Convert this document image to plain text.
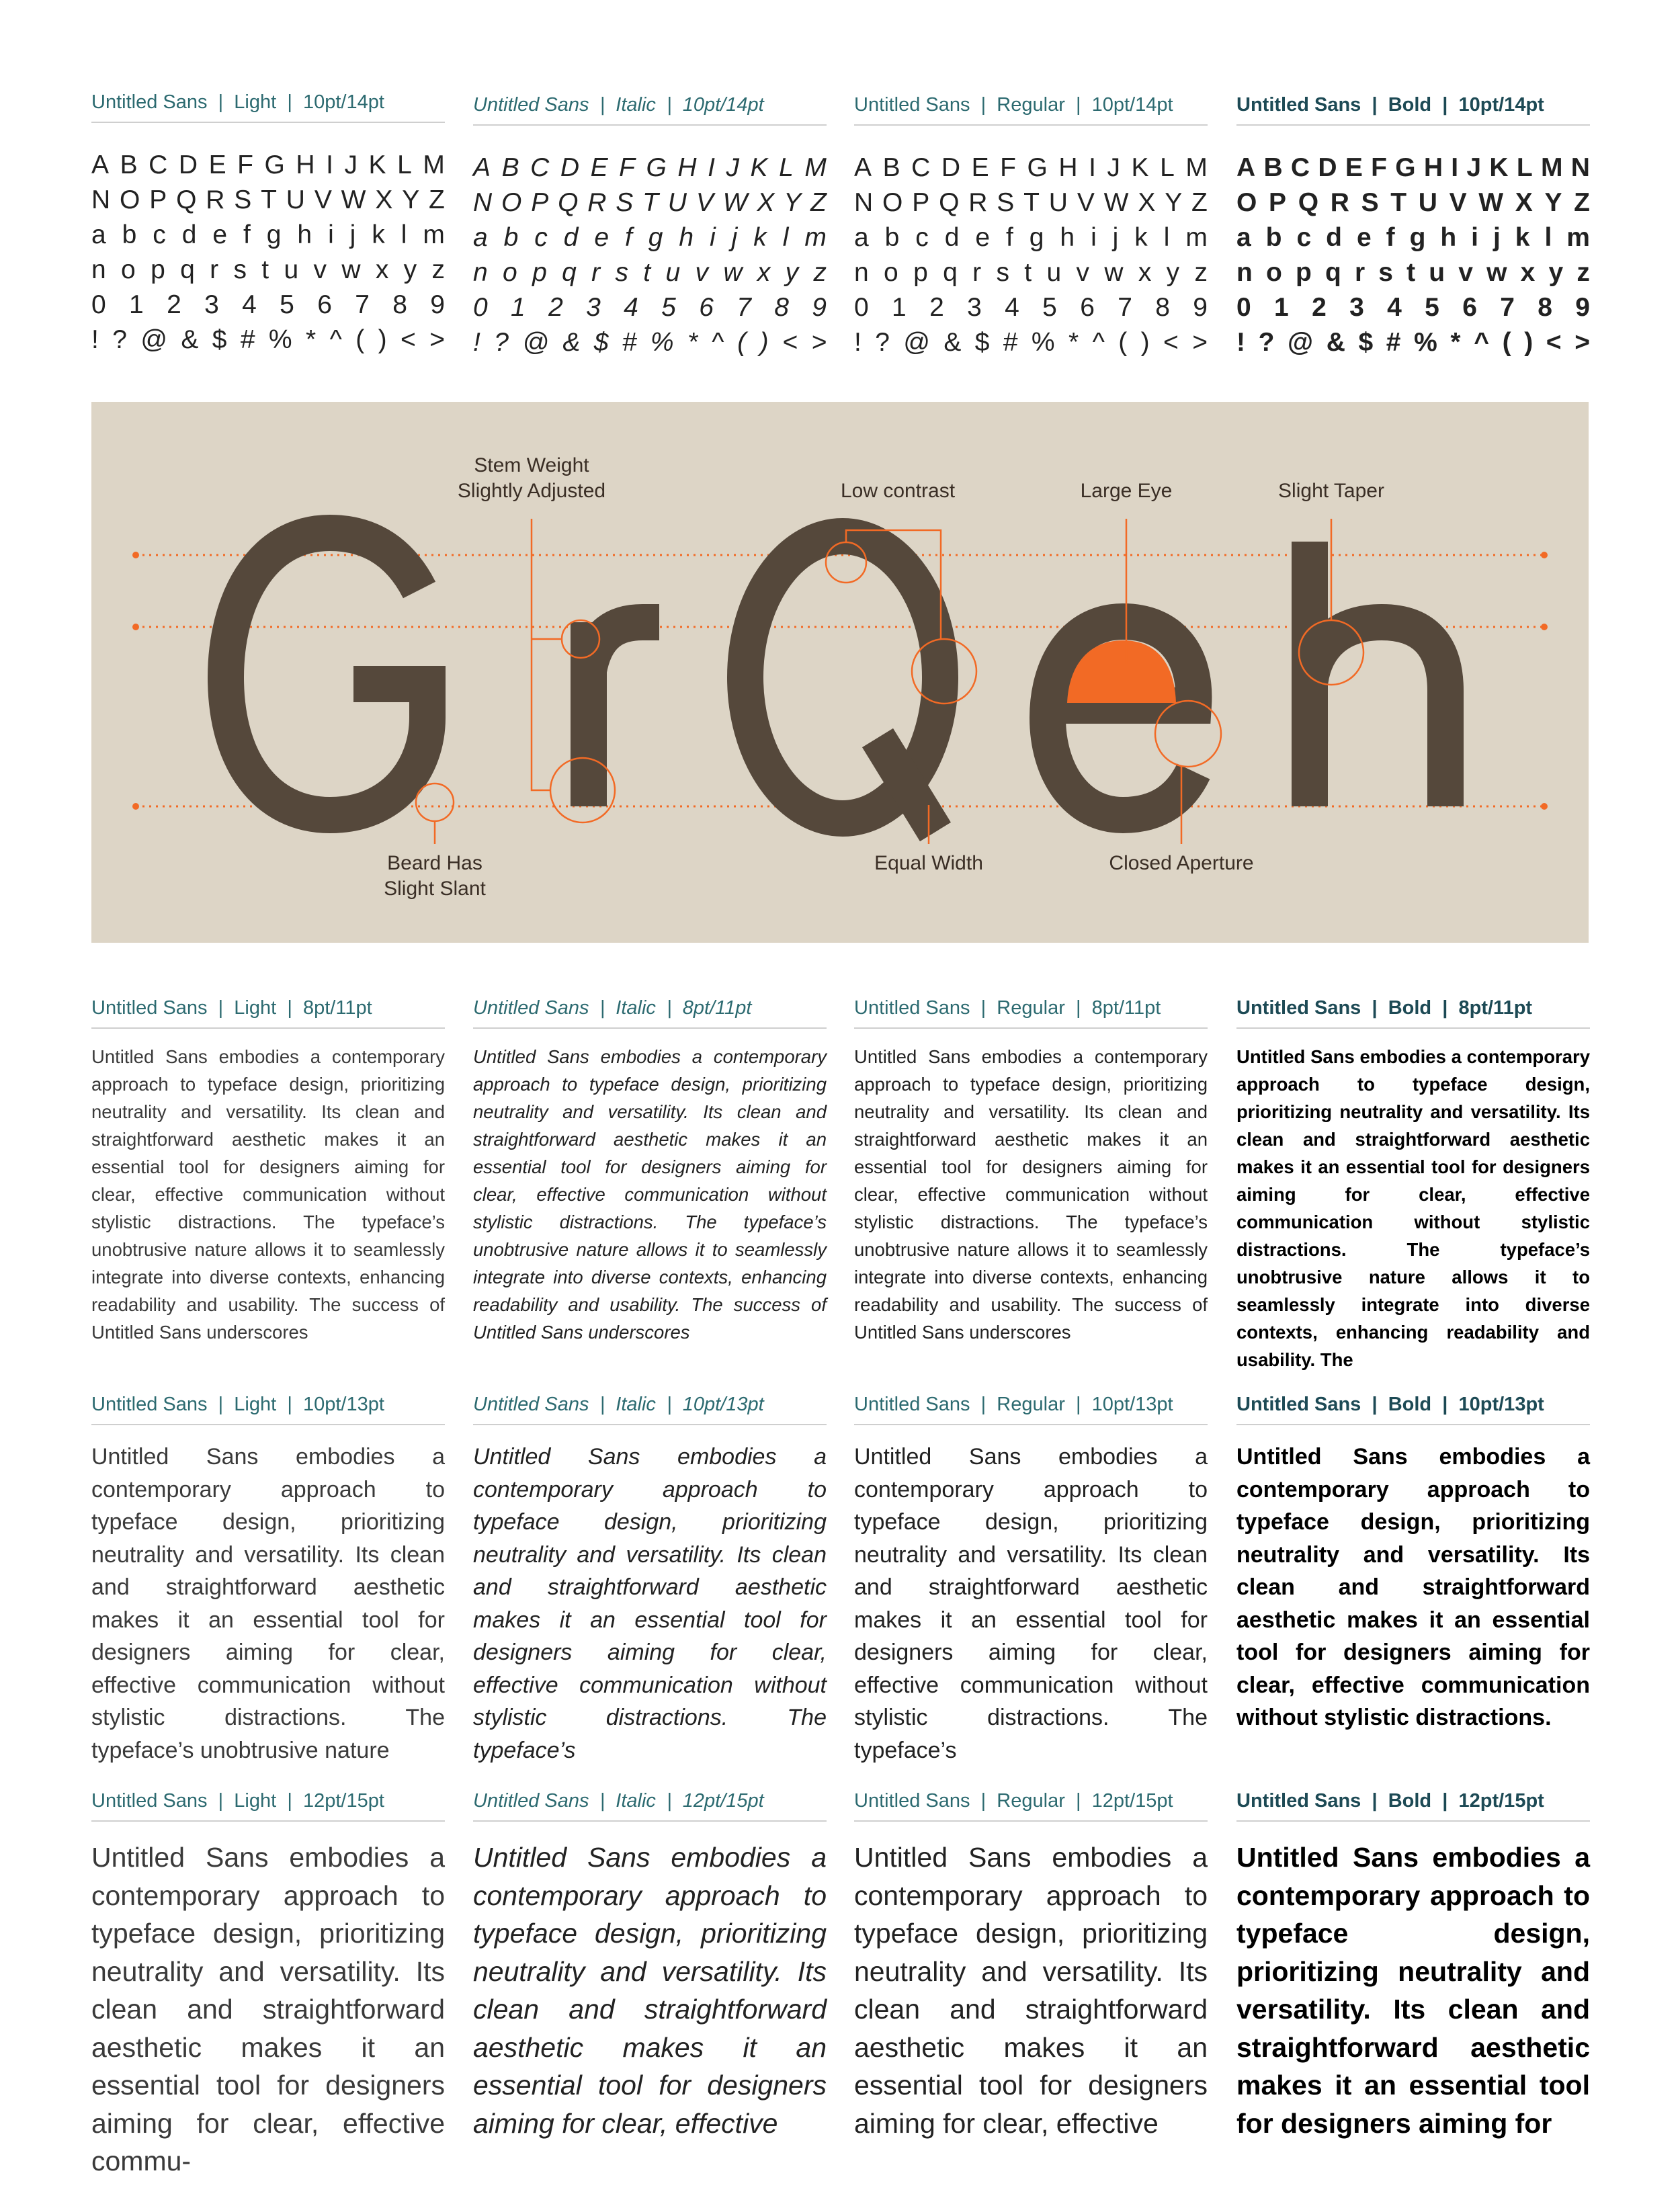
Untitled Sans | Light | 10pt/14pt
A B C D E F G H I J K L M
N O P Q R S T U V W X Y Z
a b c d e f g h i j k l m
n o p q r s t u v w x y z
0 1 2 3 4 5 6 7 8 9
! ? @ & $ # % * ^ ( ) < >
Untitled Sans | Italic | 10pt/14pt
A B C D E F G H I J K L M
N O P Q R S T U V W X Y Z
a b c d e f g h i j k l m
n o p q r s t u v w x y z
0 1 2 3 4 5 6 7 8 9
! ? @ & $ # % * ^ ( ) < >
Untitled Sans | Regular | 10pt/14pt
A B C D E F G H I J K L M
N O P Q R S T U V W X Y Z
a b c d e f g h i j k l m
n o p q r s t u v w x y z
0 1 2 3 4 5 6 7 8 9
! ? @ & $ # % * ^ ( ) < >
Untitled Sans | Bold | 10pt/14pt
A B C D E F G H I J K L M N
O P Q R S T U V W X Y Z
a b c d e f g h i j k l m
n o p q r s t u v w x y z
0 1 2 3 4 5 6 7 8 9
! ? @ & $ # % * ^ ( ) < >
Stem Weight
Slightly Adjusted	Low contrast	Large Eye	Slight Taper
Beard Has
Slight Slant
Equal Width	Closed Aperture
Untitled Sans | Light | 8pt/11pt
Untitled Sans embodies a contemporary approach to typeface design, prioritizing neutrality and versatility. Its clean and straightforward aesthetic makes it an essential tool for designers aiming for clear, effective communication without stylistic distractions. The typeface’s unobtrusive nature allows it to seamlessly integrate into diverse contexts, enhancing readability and usability. The success of Untitled Sans underscores
Untitled Sans | Italic | 8pt/11pt
Untitled Sans embodies a contemporary approach to typeface design, prioritizing neutrality and versatility. Its clean and straightforward aesthetic makes it an essential tool for designers aiming for clear, effective communication without stylistic distractions. The typeface’s unobtrusive nature allows it to seamlessly integrate into diverse contexts, enhancing readability and usability. The success of Untitled Sans underscores
Untitled Sans | Regular | 8pt/11pt
Untitled Sans embodies a contemporary approach to typeface design, prioritizing neutrality and versatility. Its clean and straightforward aesthetic makes it an essential tool for designers aiming for clear, effective communication without stylistic distractions. The typeface’s unobtrusive nature allows it to seamlessly integrate into diverse contexts, enhancing readability and usability. The success of Untitled Sans underscores
Untitled Sans | Bold | 8pt/11pt
Untitled Sans embodies a contemporary approach to typeface design, prioritizing neutrality and versatility. Its clean and straightforward aesthetic makes it an essential tool for designers aiming for clear, effective communication without stylistic distractions. The typeface’s unobtrusive nature allows it to seamlessly integrate into diverse contexts, enhancing readability and usability. The
Untitled Sans | Light | 10pt/13pt
Untitled Sans embodies a contemporary approach to typeface design, prioritizing neutrality and versatility. Its clean and straightforward aesthetic makes it an essential tool for designers aiming for clear, effective communication without stylistic distractions. The typeface’s unobtrusive nature
Untitled Sans | Italic | 10pt/13pt
Untitled Sans embodies a contemporary approach to typeface design, prioritizing neutrality and versatility. Its clean and straightforward aesthetic makes it an essential tool for designers aiming for clear, effective communication without stylistic distractions. The typeface’s
Untitled Sans | Regular | 10pt/13pt
Untitled Sans embodies a contemporary approach to typeface design, prioritizing neutrality and versatility. Its clean and straightforward aesthetic makes it an essential tool for designers aiming for clear, effective communication without stylistic distractions. The typeface’s
Untitled Sans | Bold | 10pt/13pt
Untitled Sans embodies a contemporary approach to typeface design, prioritizing neutrality and versatility. Its clean and straightforward aesthetic makes it an essential tool for designers aiming for clear, effective communication without stylistic distractions.
Untitled Sans | Light | 12pt/15pt
Untitled Sans embodies a contemporary approach to typeface design, prioritizing neutrality and versatility. Its clean and straightforward aesthetic makes it an essential tool for designers aiming for clear, effective commu-
Untitled Sans | Italic | 12pt/15pt
Untitled Sans embodies a contemporary approach to typeface design, prioritizing neutrality and versatility. Its clean and straightforward aesthetic makes it an essential tool for designers aiming for clear, effective
Untitled Sans | Regular | 12pt/15pt
Untitled Sans embodies a contemporary approach to typeface design, prioritizing neutrality and versatility. Its clean and straightforward aesthetic makes it an essential tool for designers aiming for clear, effective
Untitled Sans | Bold | 12pt/15pt
Untitled Sans embodies a contemporary approach to typeface design, prioritizing neutrality and versatility. Its clean and straightforward aesthetic makes it an essential tool for designers aiming for
